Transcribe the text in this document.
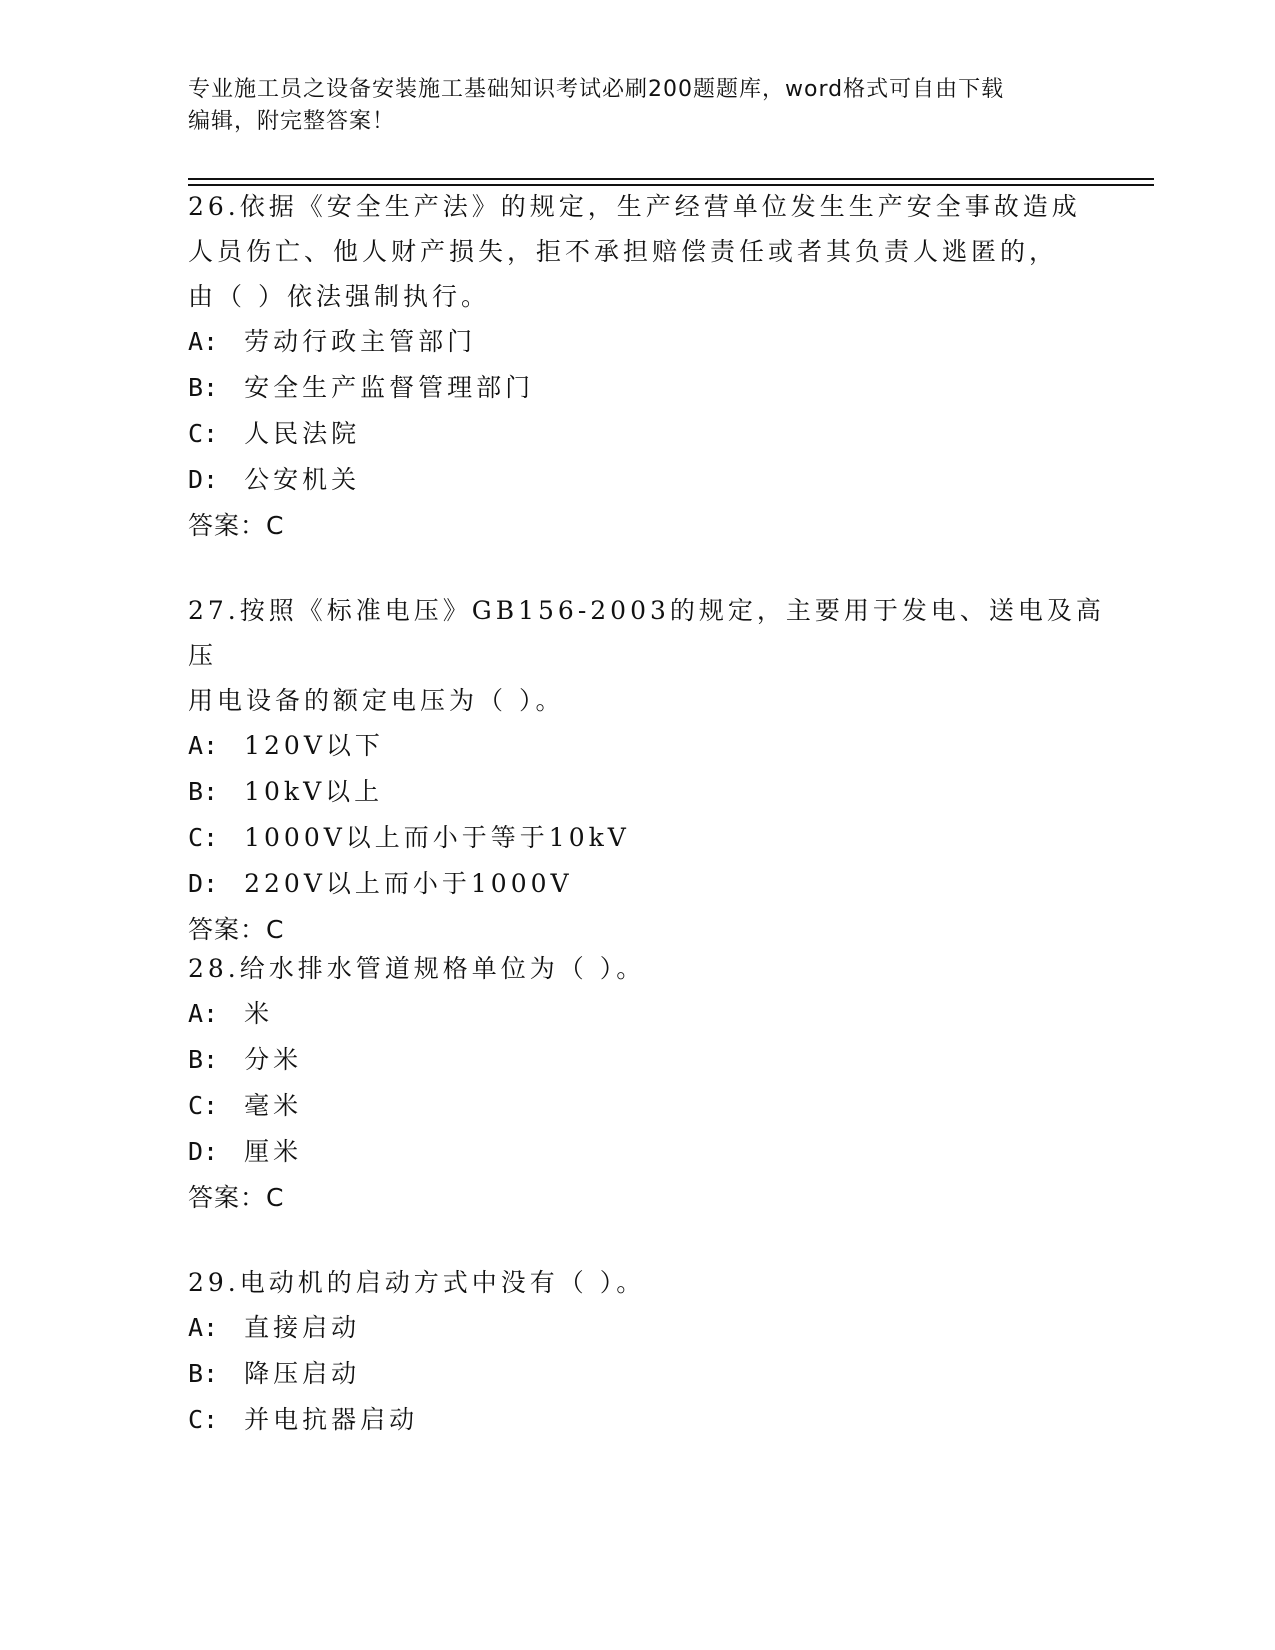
专业施工员之设备安装施工基础知识考试必刷200题题库，word格式可自由下载
编辑，附完整答案！

26.依据《安全生产法》的规定，生产经营单位发生生产安全事故造成

人员伤亡、他人财产损失，拒不承担赔偿责任或者其负责人逃匿的，

由（ ）依法强制执行。

A: 劳动行政主管部门

B: 安全生产监督管理部门

C: 人民法院

D: 公安机关

答案：C

27.按照《标准电压》GB156-2003的规定，主要用于发电、送电及高压

用电设备的额定电压为（ ）。

A: 120V以下

B: 10kV以上

C: 1000V以上而小于等于10kV

D: 220V以上而小于1000V

答案：C

28.给水排水管道规格单位为（ ）。

A: 米

B: 分米

C: 毫米

D: 厘米

答案：C

29.电动机的启动方式中没有（ ）。

A: 直接启动

B: 降压启动

C: 并电抗器启动
